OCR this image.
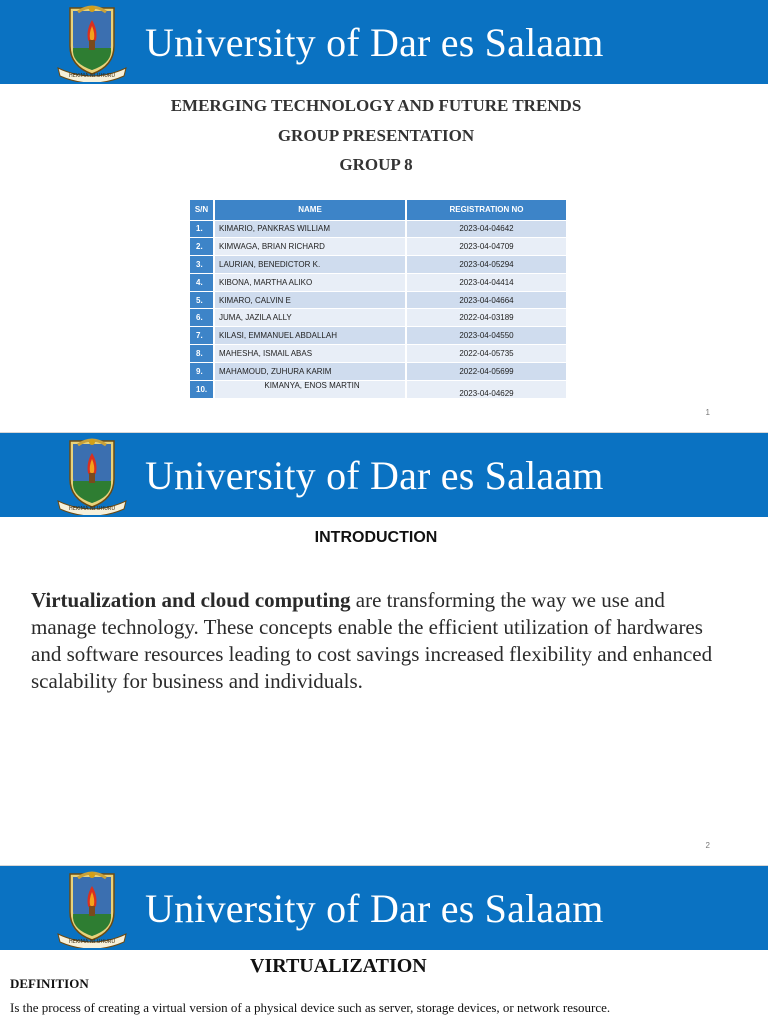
HEKIMA NI UHURU
University of Dar es Salaam
EMERGING TECHNOLOGY AND FUTURE TRENDS
GROUP PRESENTATION
GROUP 8
S/N	NAME	REGISTRATION NO
1.	KIMARIO, PANKRAS WILLIAM	2023-04-04642
2.	KIMWAGA, BRIAN RICHARD	2023-04-04709
3.	LAURIAN, BENEDICTOR K.	2023-04-05294
4.	KIBONA, MARTHA ALIKO	2023-04-04414
5.	KIMARO, CALVIN E	2023-04-04664
6.	JUMA, JAZILA ALLY	2022-04-03189
7.	KILASI, EMMANUEL ABDALLAH	2023-04-04550
8.	MAHESHA, ISMAIL ABAS	2022-04-05735
9.	MAHAMOUD, ZUHURA KARIM	2022-04-05699
10.	KIMANYA, ENOS MARTIN	2023-04-04629
1
HEKIMA NI UHURU
University of Dar es Salaam
INTRODUCTION

Virtualization and cloud computing are transforming the way we use and manage technology. These concepts enable the efficient utilization of hardwares and software resources leading to cost savings increased flexibility and enhanced scalability for business and individuals.

2
HEKIMA NI UHURU
University of Dar es Salaam
VIRTUALIZATION
DEFINITION
Is the process of creating a virtual version of a physical device such as server, storage devices, or network resource.
